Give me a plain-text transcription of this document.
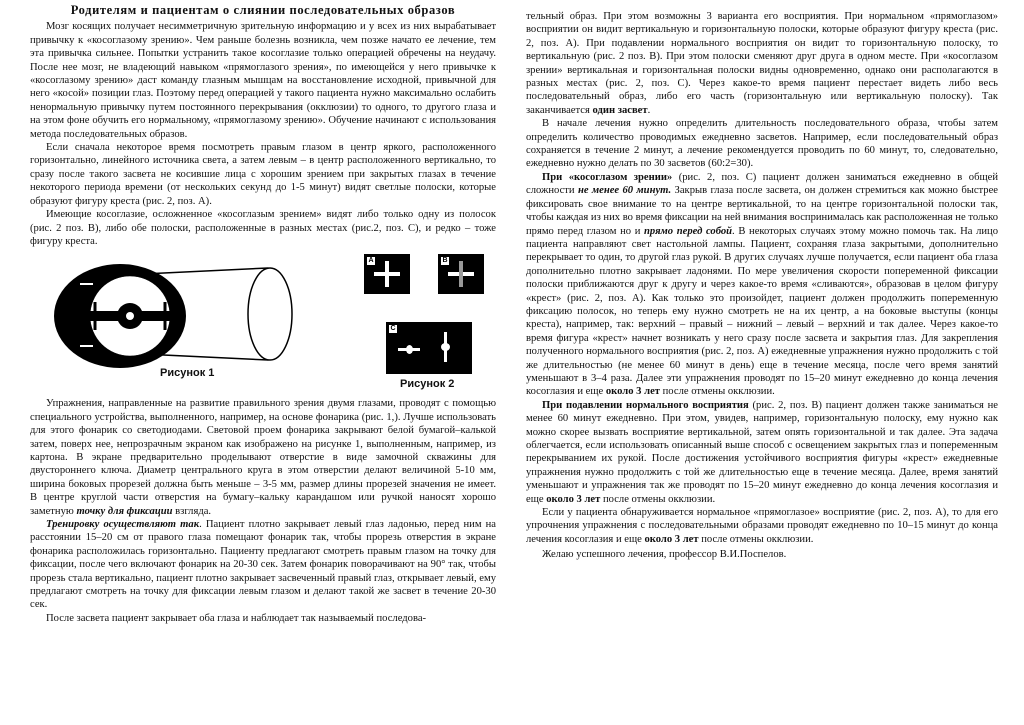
Родителям и пациентам о слиянии последовательных образов

Мозг косящих получает несимметричную зрительную информацию и у всех из них вырабатывает привычку к «косоглазому зрению». Чем раньше болезнь возникла, чем позже начато ее лечение, тем эта привычка сильнее. Попытки устранить такое косоглазие только операцией обречены на неудачу. После нее мозг, не владеющий навыком «прямоглазого зрения», по имеющейся у него привычке к «косоглазому зрению» даст команду глазным мышцам на восстановление исходной, привычной для него «косой» позиции глаз. Поэтому перед операцией у такого пациента нужно максимально ослабить ненормальную привычку путем постоянного перекрывания (окклюзии) то одного, то другого глаза и на этом фоне обучить его нормальному, «прямоглазому зрению». Обучение начинают с использования метода последовательных образов.

Если сначала некоторое время посмотреть правым глазом в центр яркого, расположенного горизонтально, линейного источника света, а затем левым – в центр расположенного вертикально, то сразу после такого засвета не косившие лица с хорошим зрением при закрытых глазах в течение некоторого периода времени (от нескольких секунд до 1-5 минут) видят светлые полоски, которые образуют фигуру креста (рис. 2, поз. А).

Имеющие косоглазие, осложненное «косоглазым зрением» видят либо только одну из полосок (рис. 2 поз. В), либо обе полоски, расположенные в разных местах (рис.2, поз. С), и редко – тоже фигуру креста.

Рисунок 1
А	В
С
Рисунок 2

Упражнения, направленные на развитие правильного зрения двумя глазами, проводят с помощью специального устройства, выполненного, например, на основе фонарика (рис. 1,). Лучше использовать для этого фонарик со светодиодами. Световой проем фонарика закрывают белой бумагой–калькой затем, поверх нее, непрозрачным экраном как изображено на рисунке 1, выполненным, например, из картона. В экране предварительно проделывают отверстие в виде замочной скважины для двустороннего ключа. Диаметр центрального круга в этом отверстии делают величиной 5-10 мм, ширина боковых прорезей должна быть меньше – 3-5 мм, размер длины прорезей значения не имеет. В центре круглой части отверстия на бумагу–кальку карандашом или ручкой наносят хорошо заметную точку для фиксации взгляда.

Тренировку осуществляют так. Пациент плотно закрывает левый глаз ладонью, перед ним на расстоянии 15–20 см от правого глаза помещают фонарик так, чтобы прорезь отверстия в экране фонарика расположилась горизонтально. Пациенту предлагают смотреть правым глазом на точку для фиксации, после чего включают фонарик на 20-30 сек. Затем фонарик поворачивают на 90° так, чтобы прорезь стала вертикально, пациент плотно закрывает засвеченный правый глаз, открывает левый, ему предлагают смотреть на точку для фиксации левым глазом и делают такой же засвет в течение 20-30 сек.

После засвета пациент закрывает оба глаза и наблюдает так называемый последова-

тельный образ. При этом возможны 3 варианта его восприятия. При нормальном «прямоглазом» восприятии он видит вертикальную и горизонтальную полоски, которые образуют фигуру креста (рис. 2, поз. А). При подавлении нормального восприятия он видит то горизонтальную полоску, то вертикальную (рис. 2 поз. В). При этом полоски сменяют друг друга в одном месте. При «косоглазом зрении» вертикальная и горизонтальная полоски видны одновременно, однако они располагаются в разных местах (рис. 2, поз. С). Через какое-то время пациент перестает видеть либо весь последовательный образ, либо его часть (горизонтальную или вертикальную полоску). Так заканчивается один засвет.

В начале лечения нужно определить длительность последовательного образа, чтобы затем определить количество проводимых ежедневно засветов. Например, если последовательный образ сохраняется в течение 2 минут, а лечение рекомендуется проводить по 60 минут, то, следовательно, ежедневно нужно делать по 30 засветов (60:2=30).

При «косоглазом зрении» (рис. 2, поз. С) пациент должен заниматься ежедневно в общей сложности не менее 60 минут. Закрыв глаза после засвета, он должен стремиться как можно быстрее фиксировать свое внимание то на центре вертикальной, то на центре горизонтальной полоски так, чтобы каждая из них во время фиксации на ней внимания воспринималась как расположенная не только прямо перед глазом но и прямо перед собой. В некоторых случаях этому можно помочь так. На лицо пациента направляют свет настольной лампы. Пациент, сохраняя глаза закрытыми, дополнительно перекрывает то один, то другой глаз рукой. В других случаях лучше получается, если пациент оба глаза дополнительно плотно закрывает ладонями. По мере увеличения скорости попеременной фиксации полоски приближаются друг к другу и через какое-то время «сливаются», образовав в целом фигуру «крест» (рис. 2, поз. А). Как только это произойдет, пациент должен продолжить попеременную фиксацию полосок, но теперь ему нужно смотреть не на их центр, а на боковые выступы (концы креста), например, так: верхний – правый – нижний – левый – верхний и так далее. Через какое-то время фигура «крест» начнет возникать у него сразу после засвета и закрытия глаз. Для закрепления полученного нормального восприятия (рис. 2, поз. А) ежедневные упражнения нужно продолжить с той же длительностью (не менее 60 минут в день) еще в течение месяца, после чего время занятий уменьшают в 3–4 раза. Далее эти упражнения проводят по 15–20 минут ежедневно до конца лечения косоглазия и еще около 3 лет после отмены окклюзии.

При подавлении нормального восприятия (рис. 2, поз. В) пациент должен также заниматься не менее 60 минут ежедневно. При этом, увидев, например, горизонтальную полоску, ему нужно как можно скорее вызвать восприятие вертикальной, затем опять горизонтальной и так далее. Эта задача облегчается, если использовать описанный выше способ с освещением закрытых глаз и попеременным перекрыванием их рукой. После достижения устойчивого восприятия фигуры «крест» ежедневные упражнения нужно продолжить с той же длительностью еще в течение месяца. Далее, время занятий уменьшают и упражнения так же проводят по 15–20 минут ежедневно до конца лечения косоглазия и еще около 3 лет после отмены окклюзии.

Если у пациента обнаруживается нормальное «прямоглазое» восприятие (рис. 2, поз. А), то для его упрочнения упражнения с последовательными образами проводят ежедневно по 10–15 минут до конца лечения косоглазия и еще около 3 лет после отмены окклюзии.

Желаю успешного лечения, профессор В.И.Поспелов.
